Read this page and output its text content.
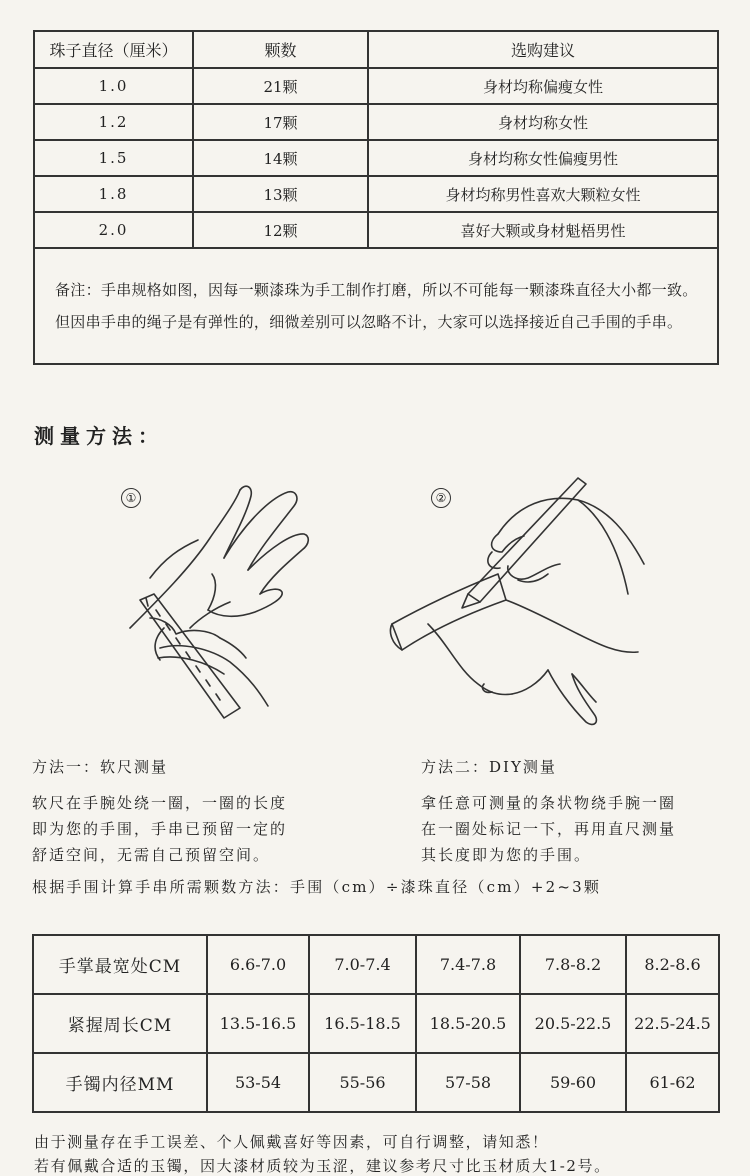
珠子直径（厘米）	颗数	选购建议
1.0	21颗	身材均称偏瘦女性
1.2	17颗	身材均称女性
1.5	14颗	身材均称女性偏瘦男性
1.8	13颗	身材均称男性喜欢大颗粒女性
2.0	12颗	喜好大颗或身材魁梧男性
备注：手串规格如图，因每一颗漆珠为手工制作打磨，所以不可能每一颗漆珠直径大小都一致。但因串手串的绳子是有弹性的，细微差别可以忽略不计，大家可以选择接近自己手围的手串。		
测量方法：
①	②
方法一：软尺测量
软尺在手腕处绕一圈，一圈的长度
即为您的手围，手串已预留一定的
舒适空间，无需自己预留空间。
方法二：DIY测量
拿任意可测量的条状物绕手腕一圈
在一圈处标记一下，再用直尺测量
其长度即为您的手围。
根据手围计算手串所需颗数方法：手围（cm）÷漆珠直径（cm）+2~3颗
手掌最宽处CM	6.6-7.0	7.0-7.4	7.4-7.8	7.8-8.2	8.2-8.6
紧握周长CM	13.5-16.5	16.5-18.5	18.5-20.5	20.5-22.5	22.5-24.5
手镯内径MM	53-54	55-56	57-58	59-60	61-62
由于测量存在手工误差、个人佩戴喜好等因素，可自行调整，请知悉！
若有佩戴合适的玉镯，因大漆材质较为玉涩，建议参考尺寸比玉材质大1-2号。
